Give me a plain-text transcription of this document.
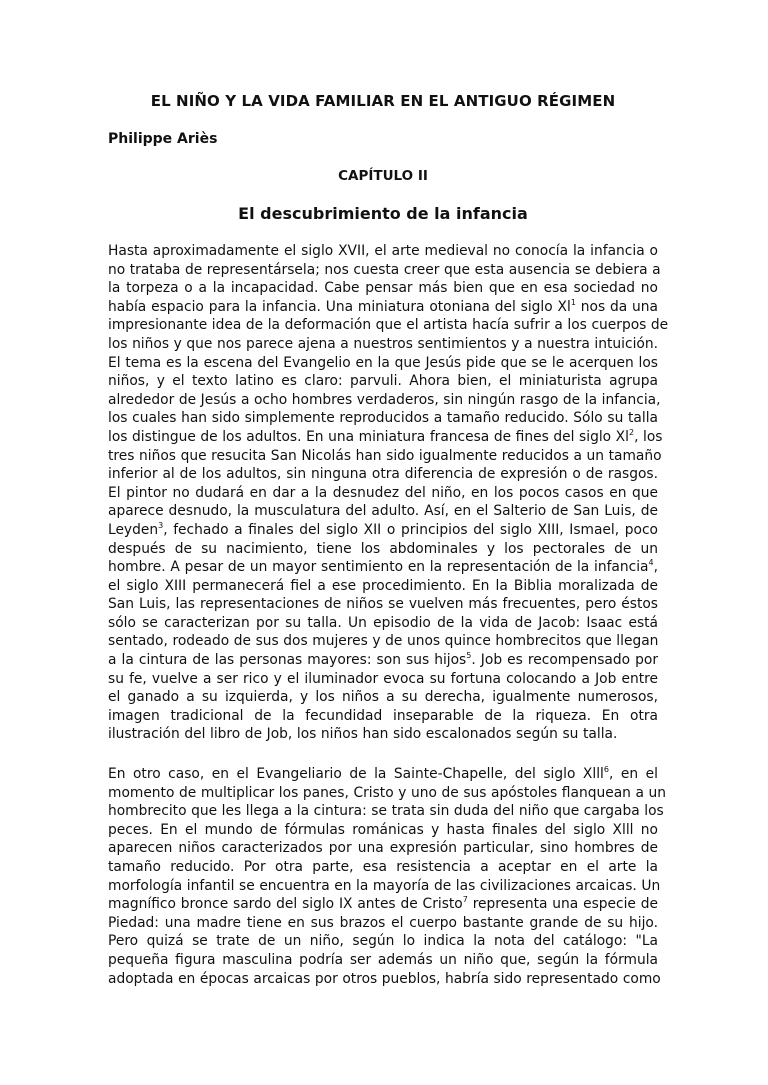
EL NIÑO Y LA VIDA FAMILIAR EN EL ANTIGUO RÉGIMEN

Philippe Ariès

CAPÍTULO II

El descubrimiento de la infancia
Hasta aproximadamente el siglo XVII, el arte medieval no conocía la infancia o
no trataba de representársela; nos cuesta creer que esta ausencia se debiera a
la torpeza o a la incapacidad. Cabe pensar más bien que en esa sociedad no
había espacio para la infancia. Una miniatura otoniana del siglo Xl$^1$ nos da una
impresionante idea de la deformación que el artista hacía sufrir a los cuerpos de
los niños y que nos parece ajena a nuestros sentimientos y a nuestra intuición.
El tema es la escena del Evangelio en la que Jesús pide que se le acerquen los
niños, y el texto latino es claro: parvuli. Ahora bien, el miniaturista agrupa
alrededor de Jesús a ocho hombres verdaderos, sin ningún rasgo de la infancia,
los cuales han sido simplemente reproducidos a tamaño reducido. Sólo su talla
los distingue de los adultos. En una miniatura francesa de fines del siglo Xl$^2$, los
tres niños que resucita San Nicolás han sido igualmente reducidos a un tamaño
inferior al de los adultos, sin ninguna otra diferencia de expresión o de rasgos.
El pintor no dudará en dar a la desnudez del niño, en los pocos casos en que
aparece desnudo, la musculatura del adulto. Así, en el Salterio de San Luis, de
Leyden$^3$, fechado a finales del siglo XII o principios del siglo XIII, Ismael, poco
después de su nacimiento, tiene los abdominales y los pectorales de un
hombre. A pesar de un mayor sentimiento en la representación de la infancia$^4$,
el siglo XIII permanecerá fiel a ese procedimiento. En la Biblia moralizada de
San Luis, las representaciones de niños se vuelven más frecuentes, pero éstos
sólo se caracterizan por su talla. Un episodio de la vida de Jacob: Isaac está
sentado, rodeado de sus dos mujeres y de unos quince hombrecitos que llegan
a la cintura de las personas mayores: son sus hijos$^5$. Job es recompensado por
su fe, vuelve a ser rico y el iluminador evoca su fortuna colocando a Job entre
el ganado a su izquierda, y los niños a su derecha, igualmente numerosos,
imagen tradicional de la fecundidad inseparable de la riqueza. En otra
ilustración del libro de Job, los niños han sido escalonados según su talla.
En otro caso, en el Evangeliario de la Sainte-Chapelle, del siglo Xlll$^6$, en el
momento de multiplicar los panes, Cristo y uno de sus apóstoles flanquean a un
hombrecito que les llega a la cintura: se trata sin duda del niño que cargaba los
peces. En el mundo de fórmulas románicas y hasta finales del siglo Xlll no
aparecen niños caracterizados por una expresión particular, sino hombres de
tamaño reducido. Por otra parte, esa resistencia a aceptar en el arte la
morfología infantil se encuentra en la mayoría de las civilizaciones arcaicas. Un
magnífico bronce sardo del siglo IX antes de Cristo$^7$ representa una especie de
Piedad: una madre tiene en sus brazos el cuerpo bastante grande de su hijo.
Pero quizá se trate de un niño, según lo indica la nota del catálogo: "La
pequeña figura masculina podría ser además un niño que, según la fórmula
adoptada en épocas arcaicas por otros pueblos, habría sido representado como
